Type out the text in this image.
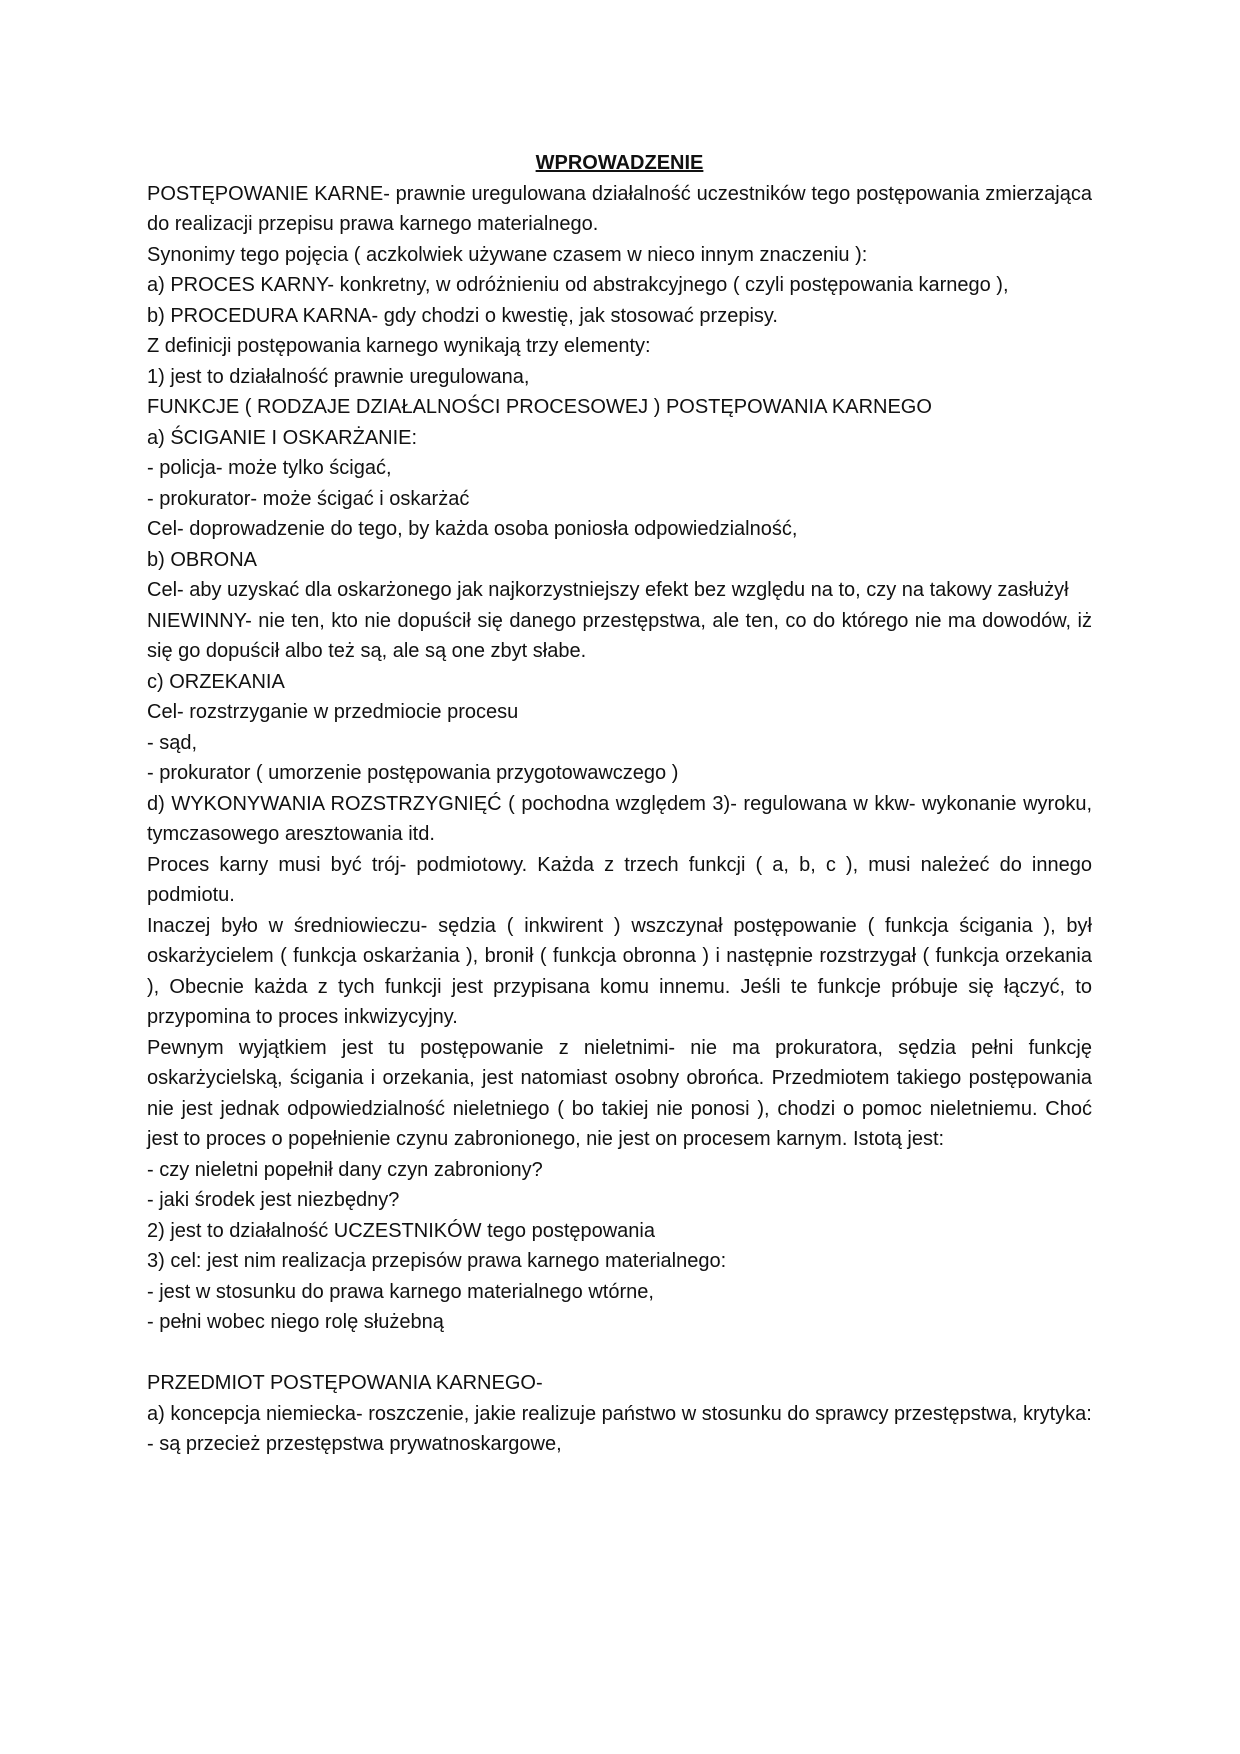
WPROWADZENIE

POSTĘPOWANIE KARNE- prawnie uregulowana działalność uczestników tego postępowania zmierzająca do realizacji przepisu prawa karnego materialnego.

Synonimy tego pojęcia ( aczkolwiek używane czasem w nieco innym znaczeniu ):

a) PROCES KARNY- konkretny, w odróżnieniu od abstrakcyjnego ( czyli postępowania karnego ),

b) PROCEDURA KARNA- gdy chodzi o kwestię, jak stosować przepisy.

Z definicji postępowania karnego wynikają trzy elementy:

1) jest to działalność prawnie uregulowana,

FUNKCJE ( RODZAJE DZIAŁALNOŚCI PROCESOWEJ ) POSTĘPOWANIA KARNEGO

a) ŚCIGANIE I OSKARŻANIE:

- policja- może tylko ścigać,

- prokurator- może ścigać i oskarżać

Cel- doprowadzenie do tego, by każda osoba poniosła odpowiedzialność,

b) OBRONA

Cel- aby uzyskać dla oskarżonego jak najkorzystniejszy efekt bez względu na to, czy na takowy zasłużył

NIEWINNY- nie ten, kto nie dopuścił się danego przestępstwa, ale ten, co do którego nie ma dowodów, iż się go dopuścił albo też są, ale są one zbyt słabe.

c) ORZEKANIA

Cel- rozstrzyganie w przedmiocie procesu

- sąd,

- prokurator ( umorzenie postępowania przygotowawczego )

d) WYKONYWANIA ROZSTRZYGNIĘĆ ( pochodna względem 3)- regulowana w kkw- wykonanie wyroku, tymczasowego aresztowania itd.

Proces karny musi być trój- podmiotowy. Każda z trzech funkcji ( a, b, c ), musi należeć do innego podmiotu.

Inaczej było w średniowieczu- sędzia ( inkwirent ) wszczynał postępowanie ( funkcja ścigania ), był oskarżycielem ( funkcja oskarżania ), bronił ( funkcja obronna ) i następnie rozstrzygał ( funkcja orzekania ), Obecnie każda z tych funkcji jest przypisana komu innemu. Jeśli te funkcje próbuje się łączyć, to przypomina to proces inkwizycyjny.

Pewnym wyjątkiem jest tu postępowanie z nieletnimi- nie ma prokuratora, sędzia pełni funkcję oskarżycielską, ścigania i orzekania, jest natomiast osobny obrońca. Przedmiotem takiego postępowania nie jest jednak odpowiedzialność nieletniego ( bo takiej nie ponosi ), chodzi o pomoc nieletniemu. Choć jest to proces o popełnienie czynu zabronionego, nie jest on procesem karnym. Istotą jest:

- czy nieletni popełnił dany czyn zabroniony?

- jaki środek jest niezbędny?

2) jest to działalność UCZESTNIKÓW tego postępowania

3) cel: jest nim realizacja przepisów prawa karnego materialnego:

- jest w stosunku do prawa karnego materialnego wtórne,

- pełni wobec niego rolę służebną

PRZEDMIOT POSTĘPOWANIA KARNEGO-

a) koncepcja niemiecka- roszczenie, jakie realizuje państwo w stosunku do sprawcy przestępstwa, krytyka:

- są przecież przestępstwa prywatnoskargowe,
